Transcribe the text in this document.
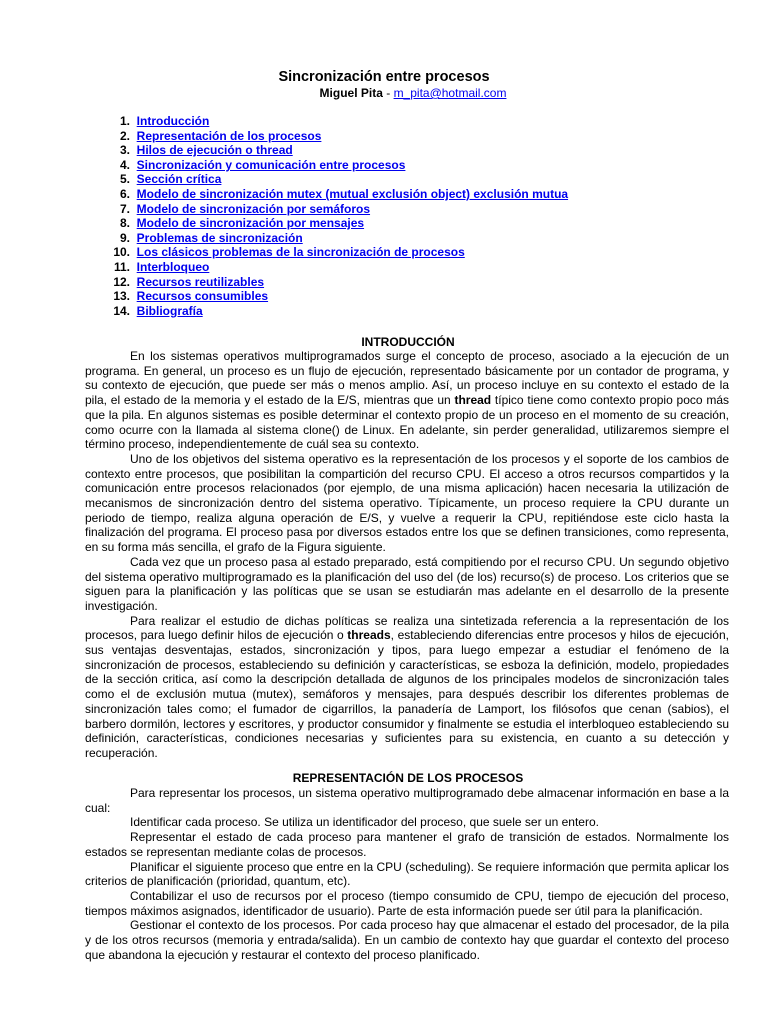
Sincronización entre procesos
Miguel Pita - m_pita@hotmail.com
1. Introducción
2. Representación de los procesos
3. Hilos de ejecución o thread
4. Sincronización y comunicación entre procesos
5. Sección crítica
6. Modelo de sincronización mutex (mutual exclusión object) exclusión mutua
7. Modelo de sincronización por semáforos
8. Modelo de sincronización por mensajes
9. Problemas de sincronización
10. Los clásicos problemas de la sincronización de procesos
11. Interbloqueo
12. Recursos reutilizables
13. Recursos consumibles
14. Bibliografía
INTRODUCCIÓN

En los sistemas operativos multiprogramados surge el concepto de proceso, asociado a la ejecución de un programa. En general, un proceso es un flujo de ejecución, representado básicamente por un contador de programa, y su contexto de ejecución, que puede ser más o menos amplio. Así, un proceso incluye en su contexto el estado de la pila, el estado de la memoria y el estado de la E/S, mientras que un thread típico tiene como contexto propio poco más que la pila. En algunos sistemas es posible determinar el contexto propio de un proceso en el momento de su creación, como ocurre con la llamada al sistema clone() de Linux. En adelante, sin perder generalidad, utilizaremos siempre el término proceso, independientemente de cuál sea su contexto.

Uno de los objetivos del sistema operativo es la representación de los procesos y el soporte de los cambios de contexto entre procesos, que posibilitan la compartición del recurso CPU. El acceso a otros recursos compartidos y la comunicación entre procesos relacionados (por ejemplo, de una misma aplicación) hacen necesaria la utilización de mecanismos de sincronización dentro del sistema operativo. Típicamente, un proceso requiere la CPU durante un periodo de tiempo, realiza alguna operación de E/S, y vuelve a requerir la CPU, repitiéndose este ciclo hasta la finalización del programa. El proceso pasa por diversos estados entre los que se definen transiciones, como representa, en su forma más sencilla, el grafo de la Figura siguiente.

Cada vez que un proceso pasa al estado preparado, está compitiendo por el recurso CPU. Un segundo objetivo del sistema operativo multiprogramado es la planificación del uso del (de los) recurso(s) de proceso. Los criterios que se siguen para la planificación y las políticas que se usan se estudiarán mas adelante en el desarrollo de la presente investigación.

Para realizar el estudio de dichas políticas se realiza una sintetizada referencia a la representación de los procesos, para luego definir hilos de ejecución o threads, estableciendo diferencias entre procesos y hilos de ejecución, sus ventajas desventajas, estados, sincronización y tipos, para luego empezar a estudiar el fenómeno de la sincronización de procesos, estableciendo su definición y características, se esboza la definición, modelo, propiedades de la sección critica, así como la descripción detallada de algunos de los principales modelos de sincronización tales como el de exclusión mutua (mutex), semáforos y mensajes, para después describir los diferentes problemas de sincronización tales como; el fumador de cigarrillos, la panadería de Lamport, los filósofos que cenan (sabios), el barbero dormilón, lectores y escritores, y productor consumidor y finalmente se estudia el interbloqueo estableciendo su definición, características, condiciones necesarias y suficientes para su existencia, en cuanto a su detección y recuperación.

REPRESENTACIÓN DE LOS PROCESOS

Para representar los procesos, un sistema operativo multiprogramado debe almacenar información en base a la cual:

Identificar cada proceso. Se utiliza un identificador del proceso, que suele ser un entero.

Representar el estado de cada proceso para mantener el grafo de transición de estados. Normalmente los estados se representan mediante colas de procesos.

Planificar el siguiente proceso que entre en la CPU (scheduling). Se requiere información que permita aplicar los criterios de planificación (prioridad, quantum, etc).

Contabilizar el uso de recursos por el proceso (tiempo consumido de CPU, tiempo de ejecución del proceso, tiempos máximos asignados, identificador de usuario). Parte de esta información puede ser útil para la planificación.

Gestionar el contexto de los procesos. Por cada proceso hay que almacenar el estado del procesador, de la pila y de los otros recursos (memoria y entrada/salida). En un cambio de contexto hay que guardar el contexto del proceso que abandona la ejecución y restaurar el contexto del proceso planificado.
